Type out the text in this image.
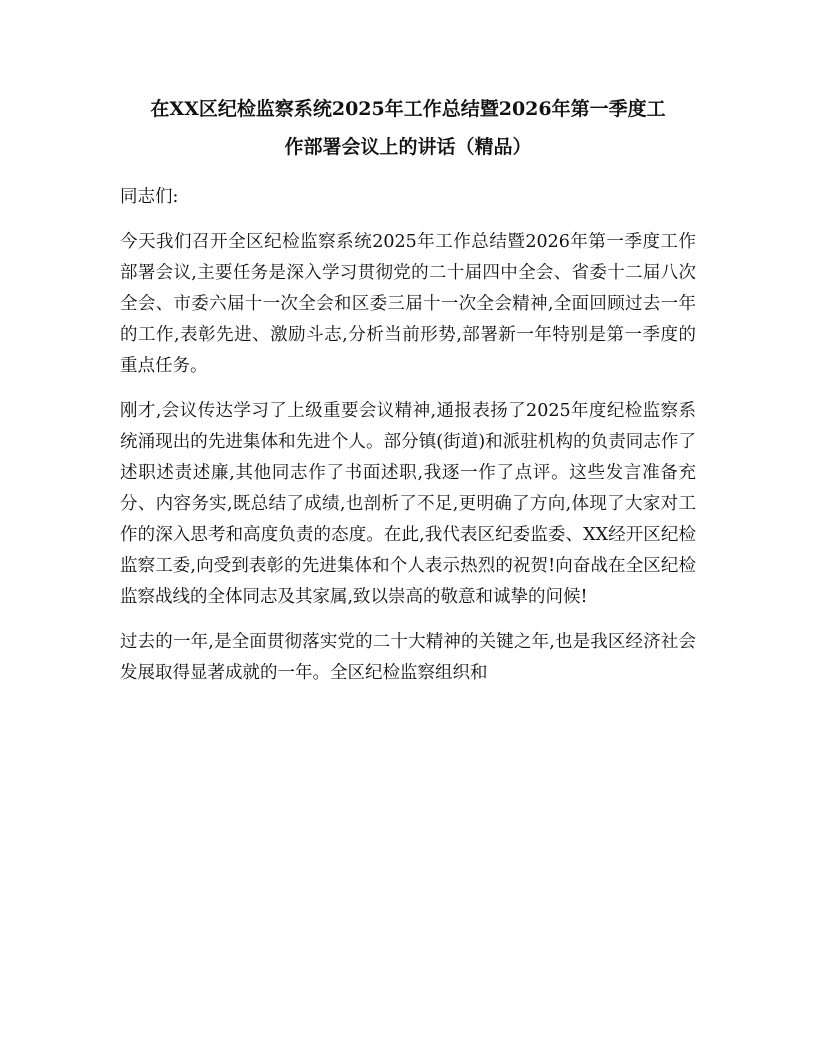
在XX区纪检监察系统2025年工作总结暨2026年第一季度工
作部署会议上的讲话（精品）

同志们:

今天我们召开全区纪检监察系统2025年工作总结暨2026年第一季度工作部署会议,主要任务是深入学习贯彻党的二十届四中全会、省委十二届八次全会、市委六届十一次全会和区委三届十一次全会精神,全面回顾过去一年的工作,表彰先进、激励斗志,分析当前形势,部署新一年特别是第一季度的重点任务。

刚才,会议传达学习了上级重要会议精神,通报表扬了2025年度纪检监察系统涌现出的先进集体和先进个人。部分镇(街道)和派驻机构的负责同志作了述职述责述廉,其他同志作了书面述职,我逐一作了点评。这些发言准备充分、内容务实,既总结了成绩,也剖析了不足,更明确了方向,体现了大家对工作的深入思考和高度负责的态度。在此,我代表区纪委监委、XX经开区纪检监察工委,向受到表彰的先进集体和个人表示热烈的祝贺!向奋战在全区纪检监察战线的全体同志及其家属,致以崇高的敬意和诚挚的问候!

过去的一年,是全面贯彻落实党的二十大精神的关键之年,也是我区经济社会发展取得显著成就的一年。全区纪检监察组织和
